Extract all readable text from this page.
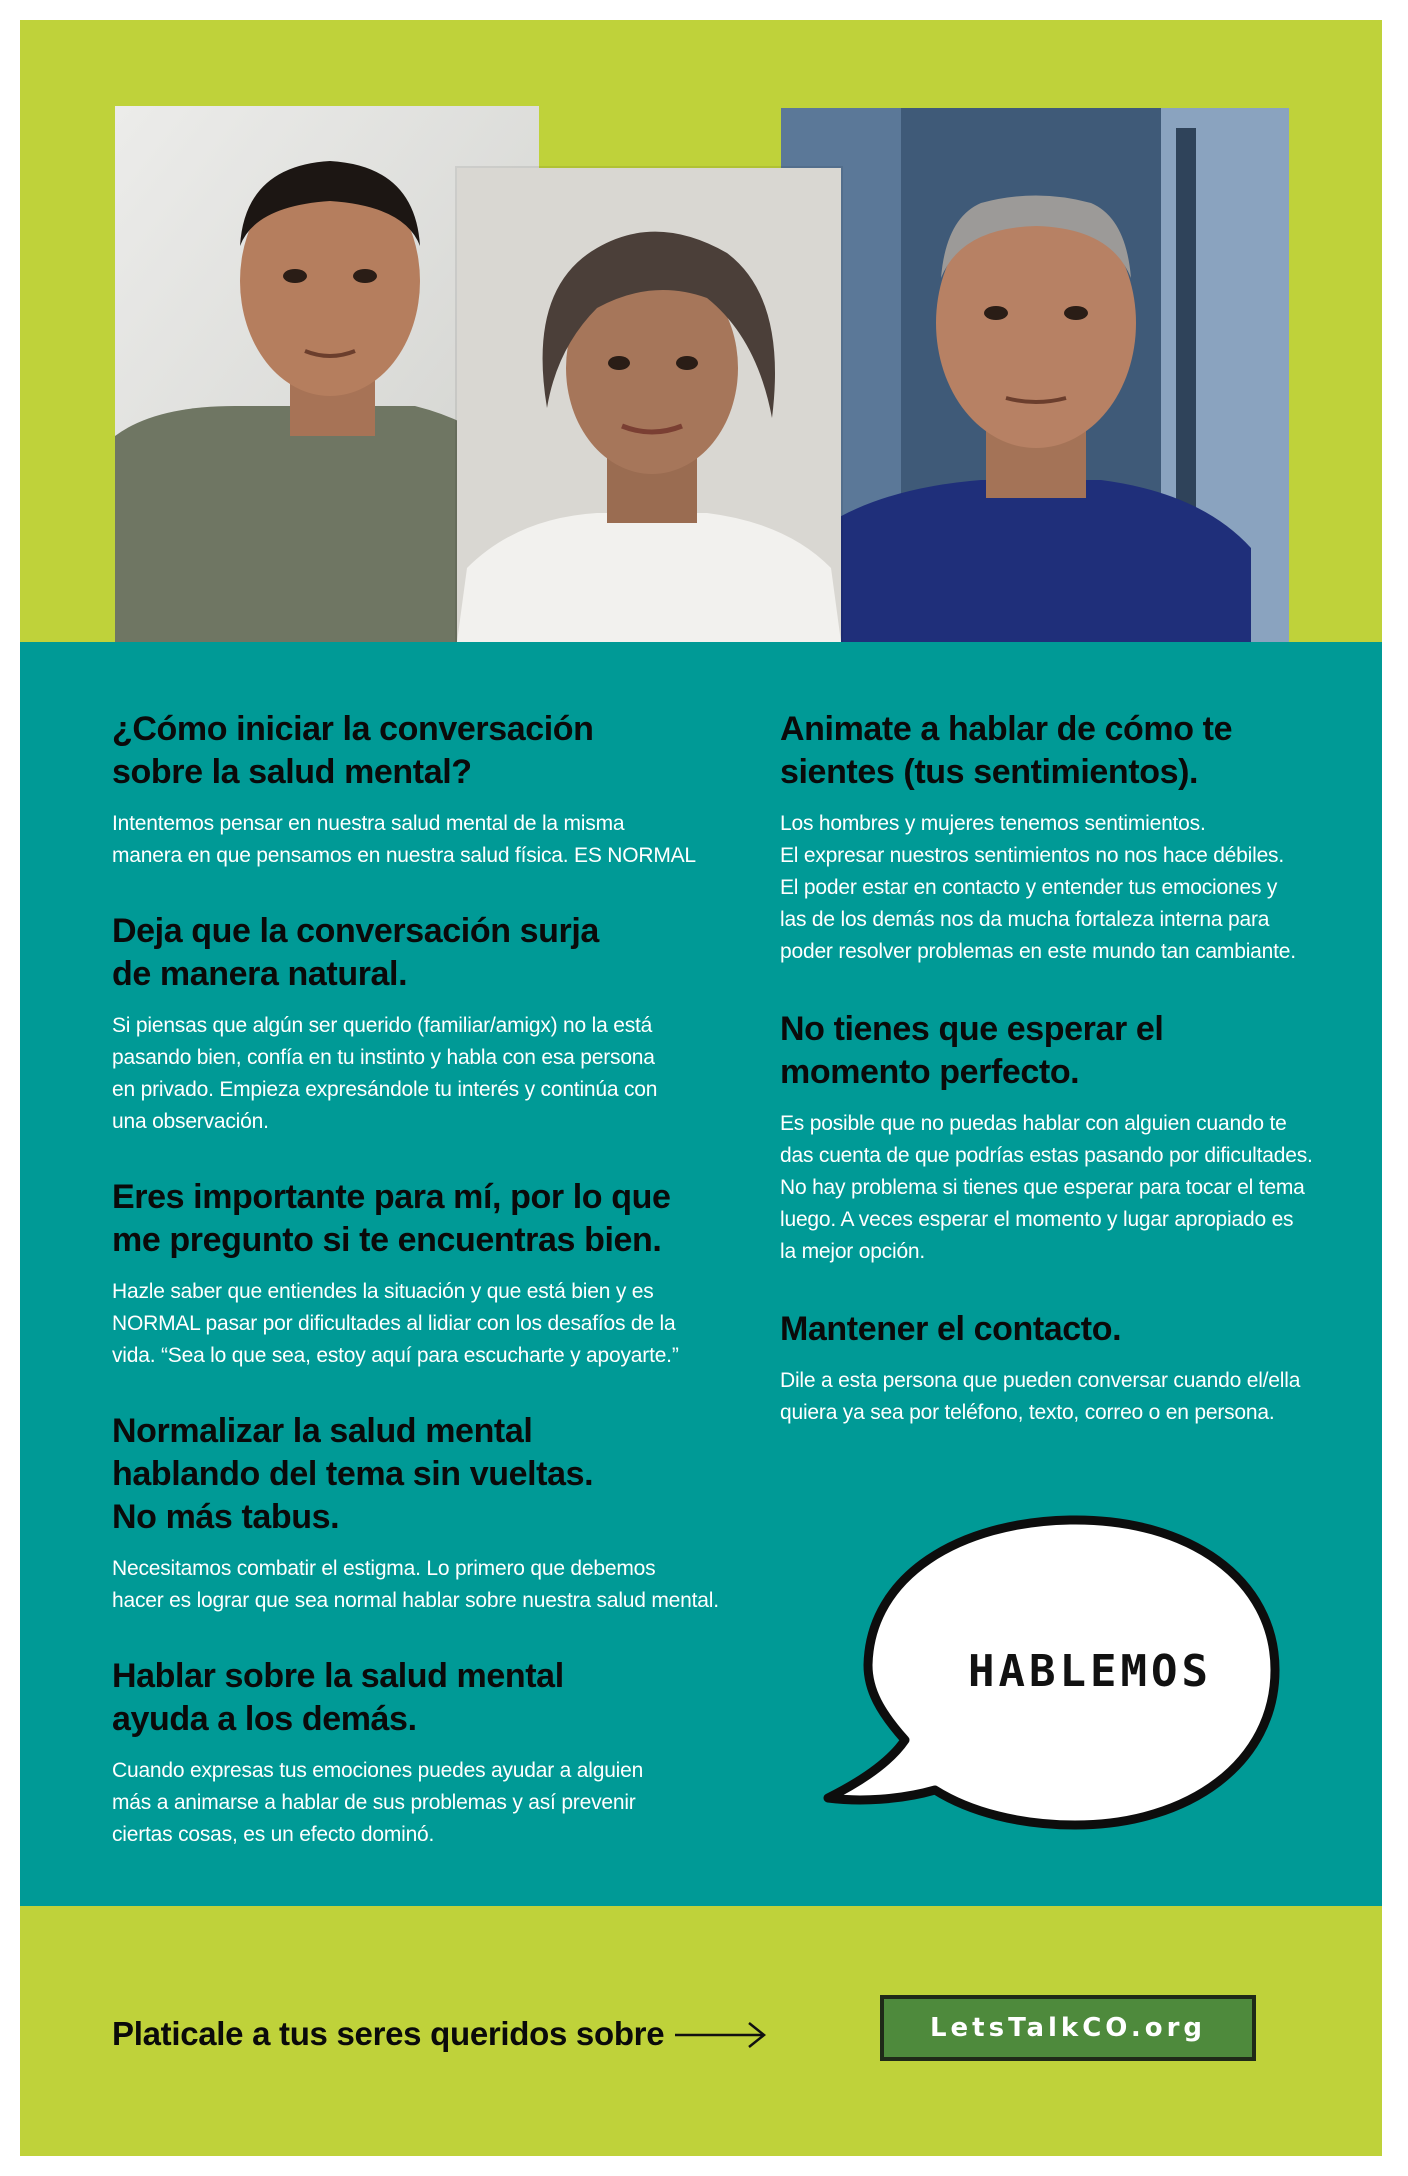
¿Cómo iniciar la conversación
sobre la salud mental?
Intentemos pensar en nuestra salud mental de la misma
manera en que pensamos en nuestra salud física. ES NORMAL
Deja que la conversación surja
de manera natural.
Si piensas que algún ser querido (familiar/amigx) no la está
pasando bien, confía en tu instinto y habla con esa persona
en privado. Empieza expresándole tu interés y continúa con
una observación.
Eres importante para mí, por lo que
me pregunto si te encuentras bien.
Hazle saber que entiendes la situación y que está bien y es
NORMAL pasar por dificultades al lidiar con los desafíos de la
vida. “Sea lo que sea, estoy aquí para escucharte y apoyarte.”
Normalizar la salud mental
hablando del tema sin vueltas.
No más tabus.
Necesitamos combatir el estigma. Lo primero que debemos
hacer es lograr que sea normal hablar sobre nuestra salud mental.
Hablar sobre la salud mental
ayuda a los demás.
Cuando expresas tus emociones puedes ayudar a alguien
más a animarse a hablar de sus problemas y así prevenir
ciertas cosas, es un efecto dominó.
Animate a hablar de cómo te
sientes (tus sentimientos).
Los hombres y mujeres tenemos sentimientos.
El expresar nuestros sentimientos no nos hace débiles.
El poder estar en contacto y entender tus emociones y
las de los demás nos da mucha fortaleza interna para
poder resolver problemas en este mundo tan cambiante.
No tienes que esperar el
momento perfecto.
Es posible que no puedas hablar con alguien cuando te
das cuenta de que podrías estas pasando por dificultades.
No hay problema si tienes que esperar para tocar el tema
luego. A veces esperar el momento y lugar apropiado es
la mejor opción.
Mantener el contacto.
Dile a esta persona que pueden conversar cuando el/ella
quiera ya sea por teléfono, texto, correo o en persona.
HABLEMOS
Platicale a tus seres queridos sobre	LetsTalkCO.org
